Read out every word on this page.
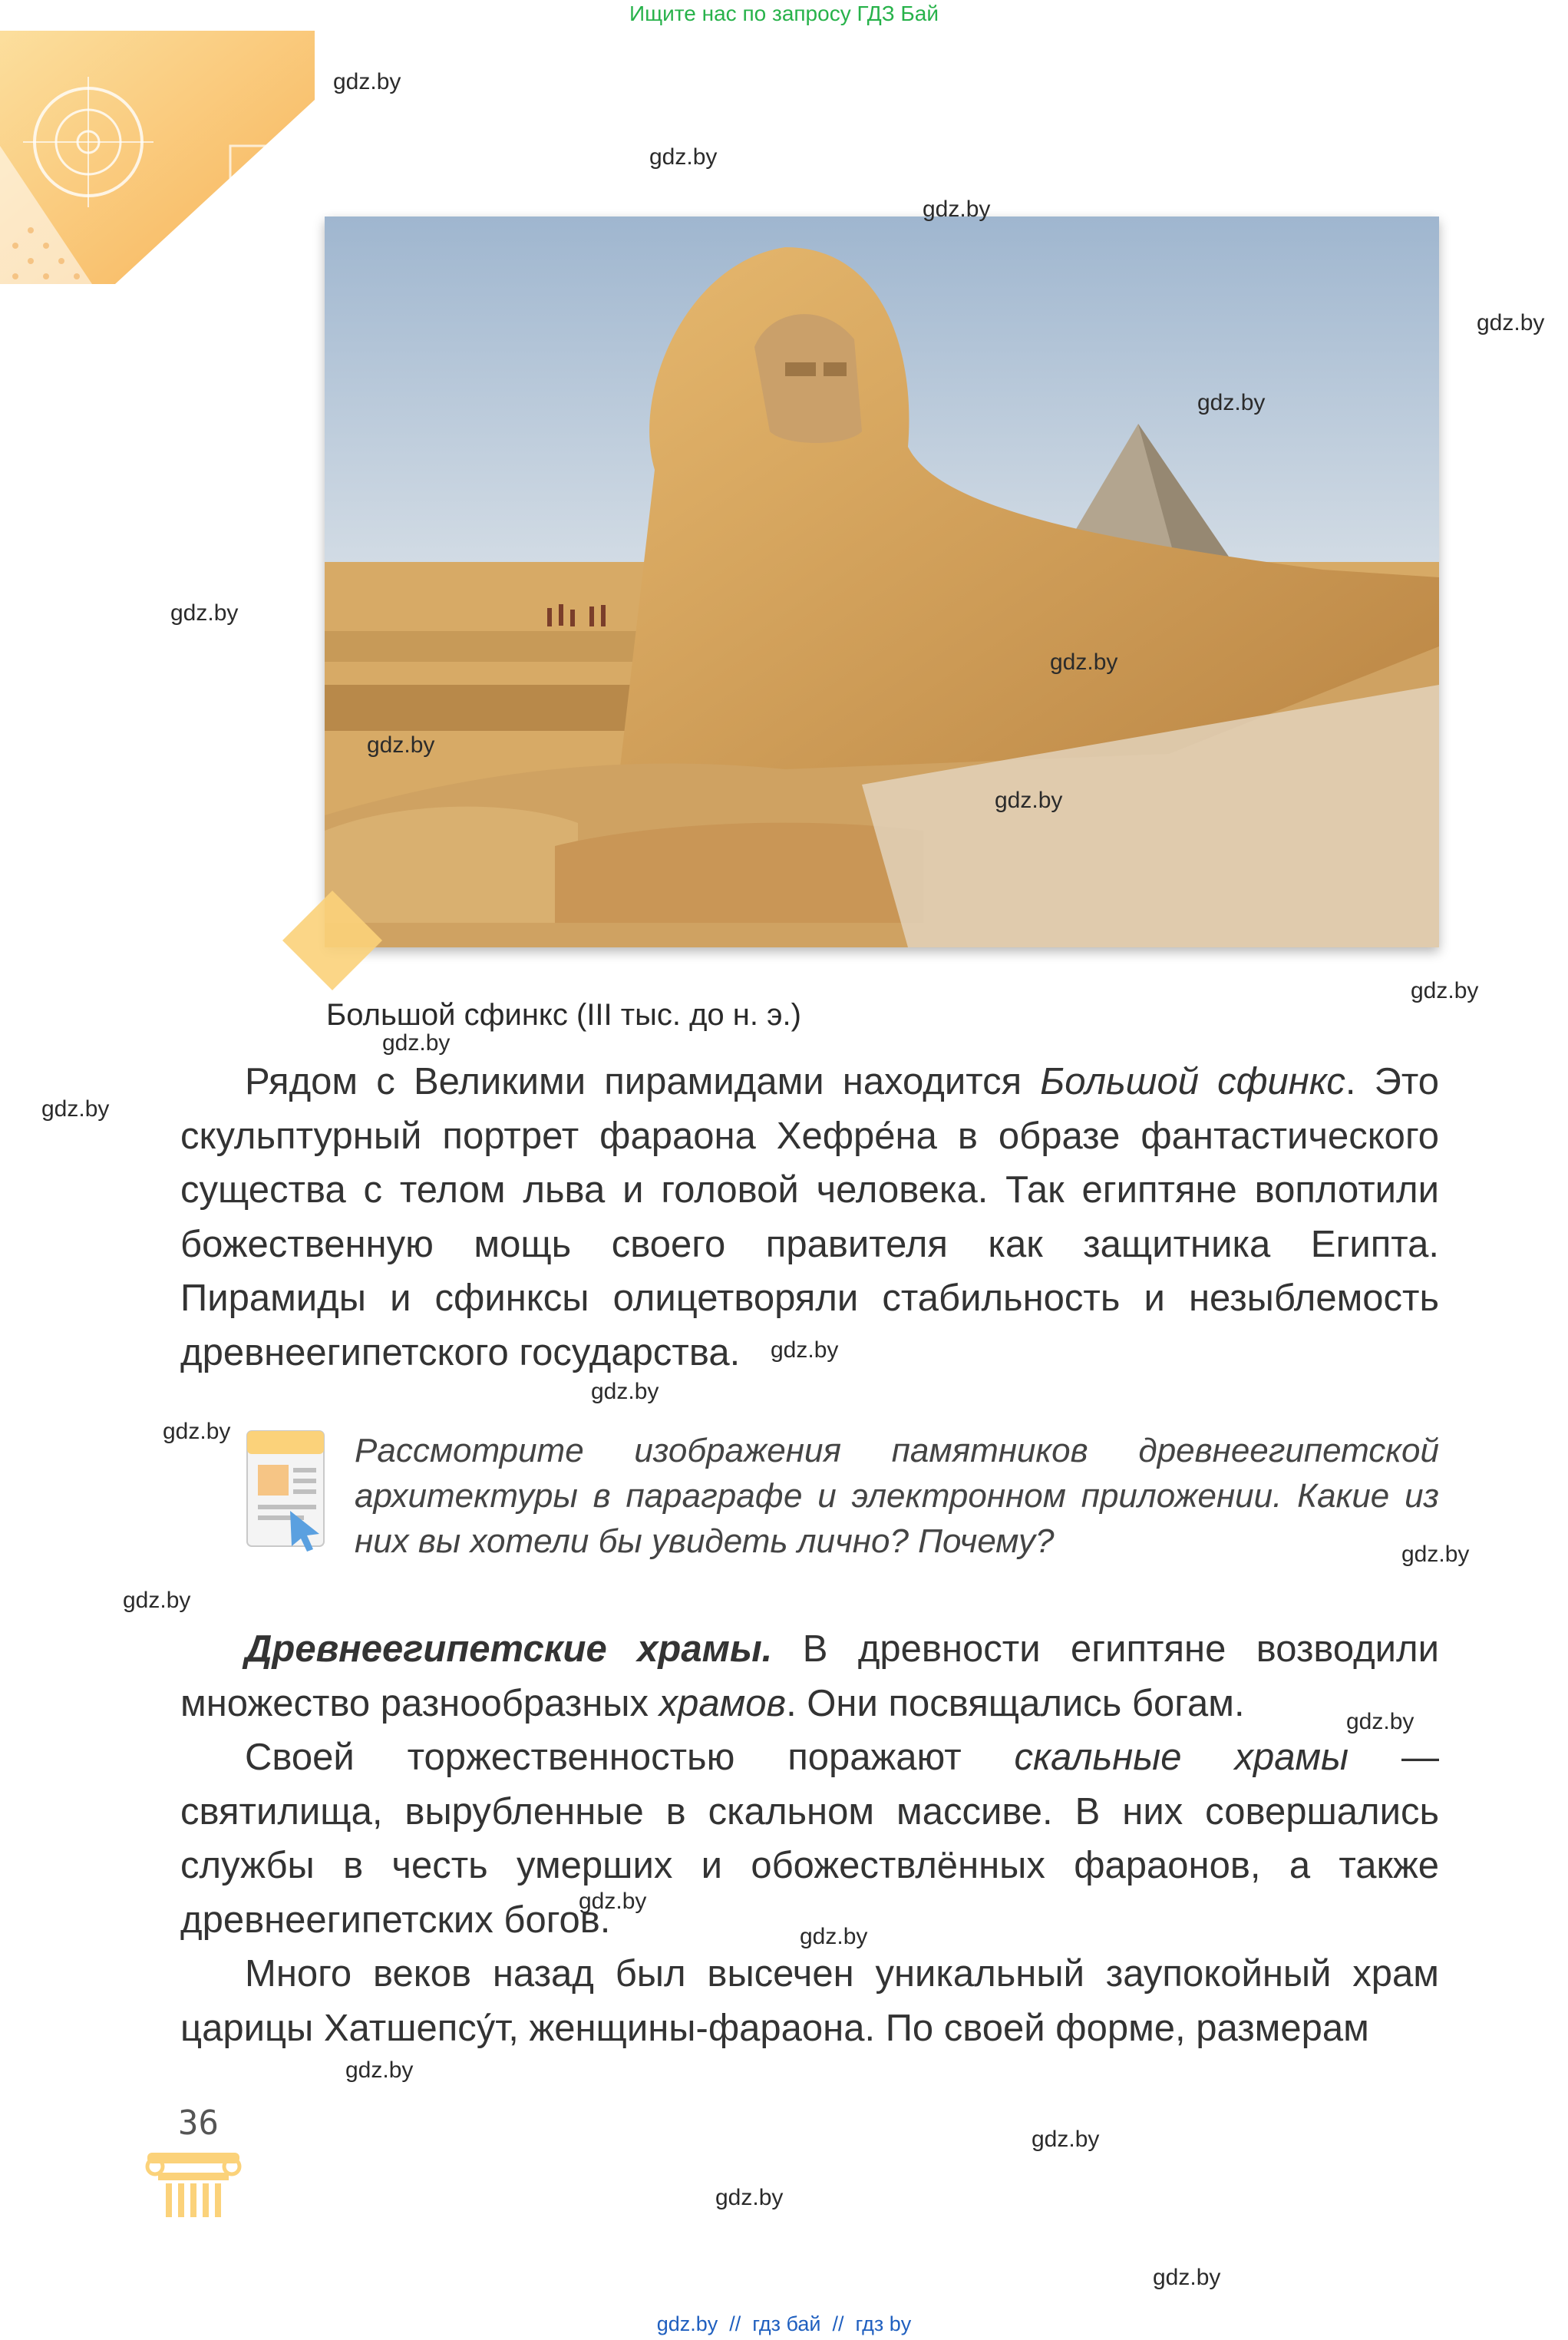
Ищите нас по запросу ГДЗ Бай
Большой сфинкс (III тыс. до н. э.)

Рядом с Великими пирамидами находится Большой сфинкс. Это скульптурный портрет фараона Хефре́на в образе фантастического существа с телом льва и головой человека. Так египтяне воплотили божественную мощь своего правителя как защитника Египта. Пирамиды и сфинксы олицетворяли стабильность и незыблемость древнеегипетского государства.

Рассмотрите изображения памятников древнеегипетской архитектуры в параграфе и электронном приложении. Какие из них вы хотели бы увидеть лично? Почему?

Древнеегипетские храмы. В древности египтяне возводили множество разнообразных храмов. Они посвящались богам.

Своей торжественностью поражают скальные храмы — святилища, вырубленные в скальном массиве. В них совершались службы в честь умерших и обожествлённых фараонов, а также древнеегипетских богов.

Много веков назад был высечен уникальный заупокойный храм царицы Хатшепсу́т, женщины-фараона. По своей форме, размерам

36
gdz.by
gdz.by
gdz.by
gdz.by
gdz.by
gdz.by
gdz.by
gdz.by
gdz.by
gdz.by
gdz.by
gdz.by
gdz.by
gdz.by
gdz.by
gdz.by
gdz.by
gdz.by
gdz.by
gdz.by
gdz.by
gdz.by
gdz.by
gdz.by
gdz.by  //  гдз бай  //  гдз by
